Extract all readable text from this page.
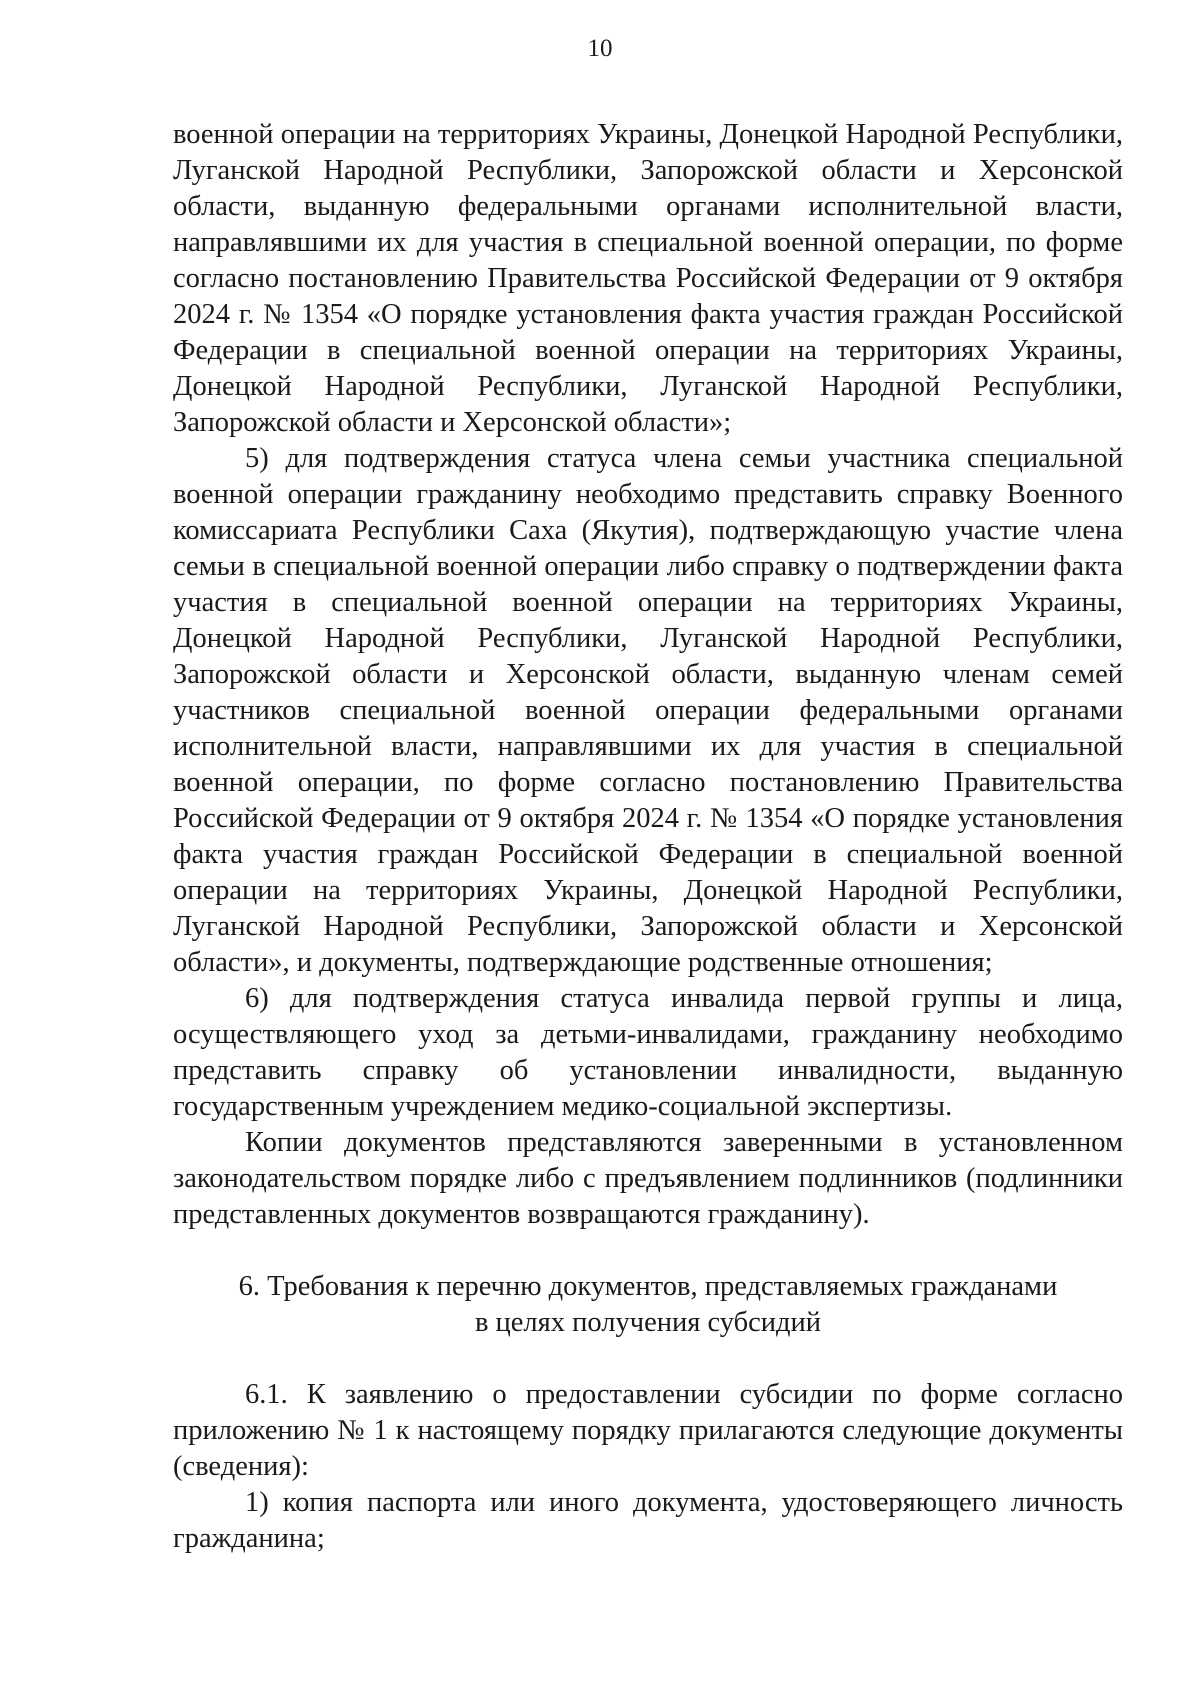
10

военной операции на территориях Украины, Донецкой Народной Республики, Луганской Народной Республики, Запорожской области и Херсонской области, выданную федеральными органами исполнительной власти, направлявшими их для участия в специальной военной операции, по форме согласно постановлению Правительства Российской Федерации от 9 октября 2024 г. № 1354 «О порядке установления факта участия граждан Российской Федерации в специальной военной операции на территориях Украины, Донецкой Народной Республики, Луганской Народной Республики, Запорожской области и Херсонской области»;

5) для подтверждения статуса члена семьи участника специальной военной операции гражданину необходимо представить справку Военного комиссариата Республики Саха (Якутия), подтверждающую участие члена семьи в специальной военной операции либо справку о подтверждении факта участия в специальной военной операции на территориях Украины, Донецкой Народной Республики, Луганской Народной Республики, Запорожской области и Херсонской области, выданную членам семей участников специальной военной операции федеральными органами исполнительной власти, направлявшими их для участия в специальной военной операции, по форме согласно постановлению Правительства Российской Федерации от 9 октября 2024 г. № 1354 «О порядке установления факта участия граждан Российской Федерации в специальной военной операции на территориях Украины, Донецкой Народной Республики, Луганской Народной Республики, Запорожской области и Херсонской области», и документы, подтверждающие родственные отношения;

6) для подтверждения статуса инвалида первой группы и лица, осуществляющего уход за детьми-инвалидами, гражданину необходимо представить справку об установлении инвалидности, выданную государственным учреждением медико-социальной экспертизы.

Копии документов представляются заверенными в установленном законодательством порядке либо с предъявлением подлинников (подлинники представленных документов возвращаются гражданину).

6. Требования к перечню документов, представляемых гражданами
в целях получения субсидий

6.1. К заявлению о предоставлении субсидии по форме согласно приложению № 1 к настоящему порядку прилагаются следующие документы (сведения):

1) копия паспорта или иного документа, удостоверяющего личность гражданина;
